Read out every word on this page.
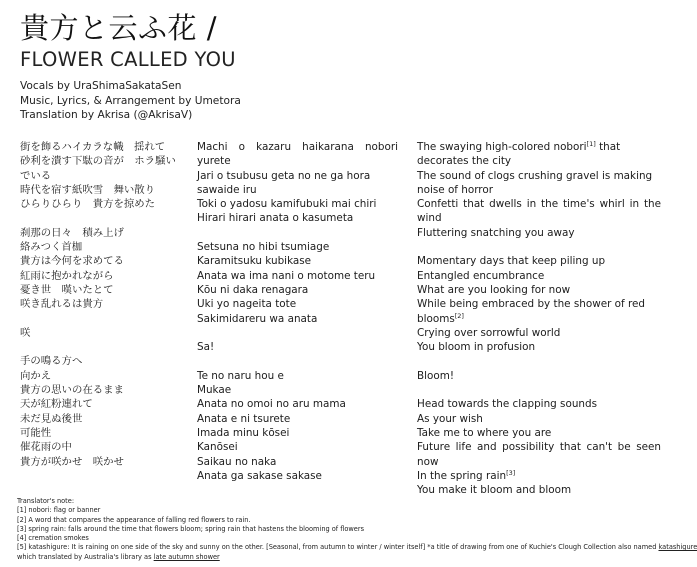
貴方と云ふ花 /
FLOWER CALLED YOU
Vocals by UraShimaSakataSen
Music, Lyrics, & Arrangement by Umetora
Translation by Akrisa (@AkrisaV)
街を飾るハイカラな幟　揺れて
砂利を潰す下駄の音が　ホラ騒い
でいる
時代を宿す紙吹雪　舞い散り
ひらりひらり　貴方を掠めた
刹那の日々　積み上げ
絡みつく首枷
貴方は今何を求めてる
紅雨に抱かれながら
憂き世　嘆いたとて
咲き乱れるは貴方
咲
手の鳴る方へ
向かえ
貴方の思いの在るまま
天が紅粉連れて
未だ見ぬ後世
可能性
催花雨の中
貴方が咲かせ　咲かせ
Machi o kazaru haikarana nobori yurete
Jari o tsubusu geta no ne ga hora
sawaide iru
Toki o yadosu kamifubuki mai chiri
Hirari hirari anata o kasumeta
Setsuna no hibi tsumiage
Karamitsuku kubikase
Anata wa ima nani o motome teru
Kōu ni daka renagara
Uki yo nageita tote
Sakimidareru wa anata
Sa!
Te no naru hou e
Mukae
Anata no omoi no aru mama
Anata e ni tsurete
Imada minu kōsei
Kanōsei
Saikau no naka
Anata ga sakase sakase
The swaying high-colored nobori[1] that
decorates the city
The sound of clogs crushing gravel is making
noise of horror
Confetti that dwells in the time's whirl in the wind
Fluttering snatching you away
Momentary days that keep piling up
Entangled encumbrance
What are you looking for now
While being embraced by the shower of red
blooms[2]
Crying over sorrowful world
You bloom in profusion
Bloom!
Head towards the clapping sounds
As your wish
Take me to where you are
Future life and possibility that can't be seen now
In the spring rain[3]
You make it bloom and bloom
Translator's note:
[1] nobori: flag or banner
[2] A word that compares the appearance of falling red flowers to rain.
[3] spring rain: falls around the time that flowers bloom; spring rain that hastens the blooming of flowers
[4] cremation smokes
[5] katashigure: It is raining on one side of the sky and sunny on the other. [Seasonal, from autumn to winter / winter itself] *a title of drawing from one of Kuchie's Clough Collection also named katashigure
which translated by Australia's library as late autumn shower
